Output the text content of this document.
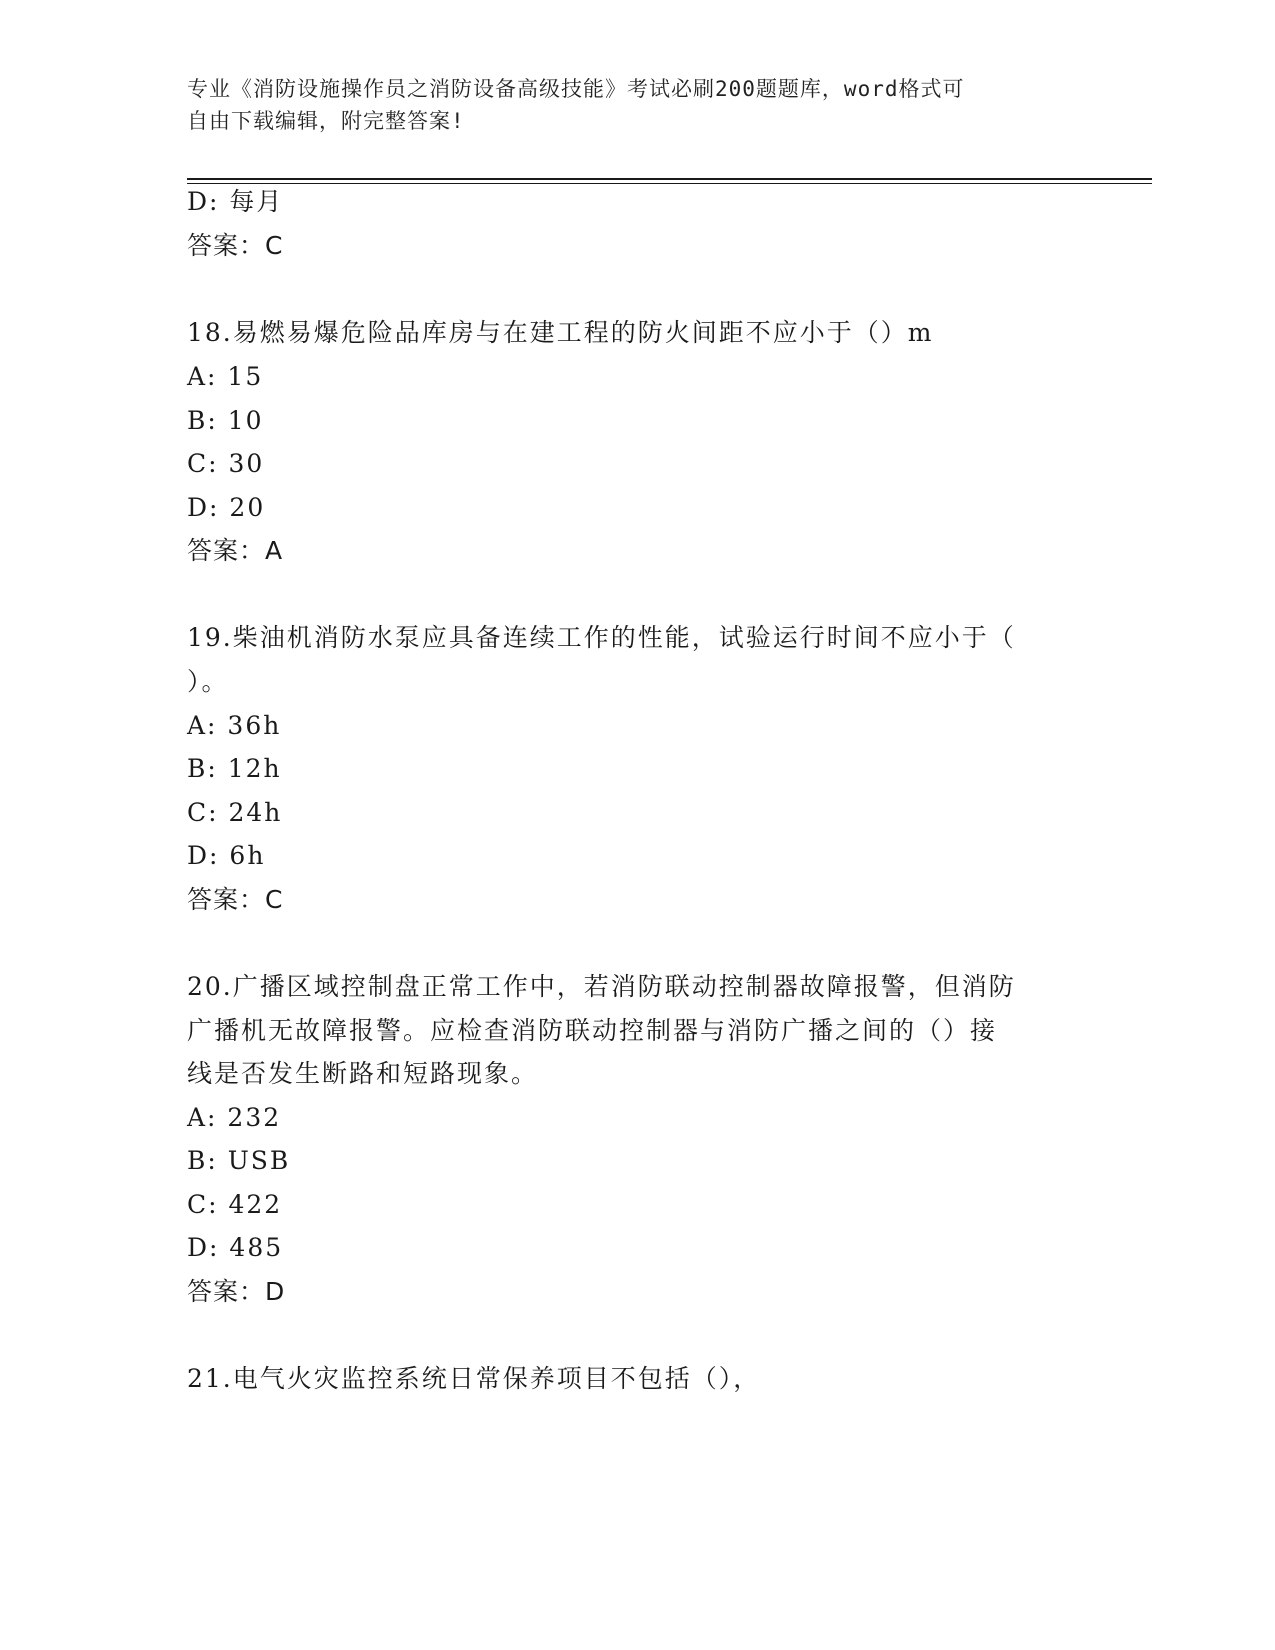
专业《消防设施操作员之消防设备高级技能》考试必刷200题题库，word格式可
自由下载编辑，附完整答案!
D: 每月
答案：C
18.易燃易爆危险品库房与在建工程的防火间距不应小于（）m
A: 15
B: 10
C: 30
D: 20
答案：A
19.柴油机消防水泵应具备连续工作的性能，试验运行时间不应小于（
）。
A: 36h
B: 12h
C: 24h
D: 6h
答案：C
20.广播区域控制盘正常工作中，若消防联动控制器故障报警，但消防
广播机无故障报警。应检查消防联动控制器与消防广播之间的（）接
线是否发生断路和短路现象。
A: 232
B: USB
C: 422
D: 485
答案：D
21.电气火灾监控系统日常保养项目不包括（），
